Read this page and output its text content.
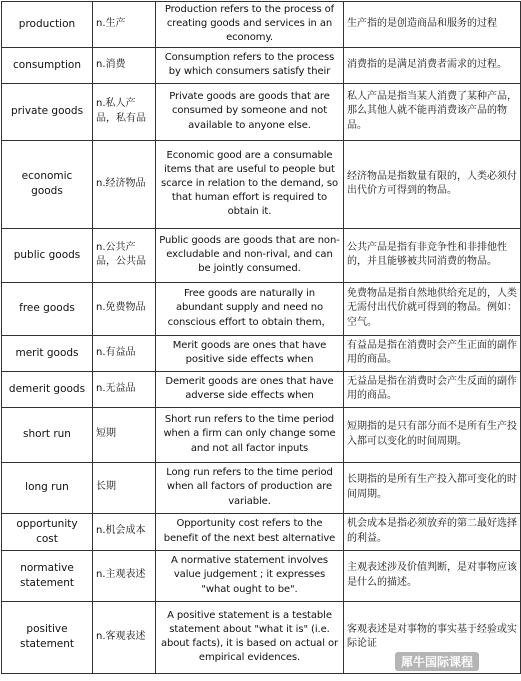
production	n.生产	Production refers to the process of creating goods and services in an economy.	生产指的是创造商品和服务的过程
consumption	n.消费	Consumption refers to the process by which consumers satisfy their	消费指的是满足消费者需求的过程。
private goods	n.私人产品，私有品	Private goods are goods that are consumed by someone and not available to anyone else.	私人产品是指当某人消费了某种产品，那么其他人就不能再消费该产品的物品。
economic goods	n.经济物品	Economic good are a consumable items that are useful to people but scarce in relation to the demand, so that human effort is required to obtain it.	经济物品是指数量有限的，人类必须付出代价方可得到的物品。
public goods	n.公共产品，公共品	Public goods are goods that are non-excludable and non-rival, and can be jointly consumed.	公共产品是指有非竞争性和非排他性的，并且能够被共同消费的物品。
free goods	n.免费物品	Free goods are naturally in abundant supply and need no conscious effort to obtain them，	免费物品是指自然地供给充足的，人类无需付出代价就可得到的物品。例如：空气。
merit goods	n.有益品	Merit goods are ones that have positive side effects when	有益品是指在消费时会产生正面的副作用的商品。
demerit goods	n.无益品	Demerit goods are ones that have adverse side effects when	无益品是指在消费时会产生反面的副作用的商品。
short run	短期	Short run refers to the time period when a firm can only change some and not all factor inputs	短期指的是只有部分而不是所有生产投入都可以变化的时间周期。
long run	长期	Long run refers to the time period when all factors of production are variable.	长期指的是所有生产投入都可变化的时间周期。
opportunity cost	n.机会成本	Opportunity cost refers to the benefit of the next best alternative	机会成本是指必须放弃的第二最好选择的利益。
normative statement	n.主观表述	A normative statement involves value judgement ; it expresses "what ought to be".	主观表述涉及价值判断，是对事物应该是什么的描述。
positive statement	n.客观表述	A positive statement is a testable statement about "what it is" (i.e. about facts), it is based on actual or empirical evidences.	客观表述是对事物的事实基于经验或实际论证
犀牛国际课程
